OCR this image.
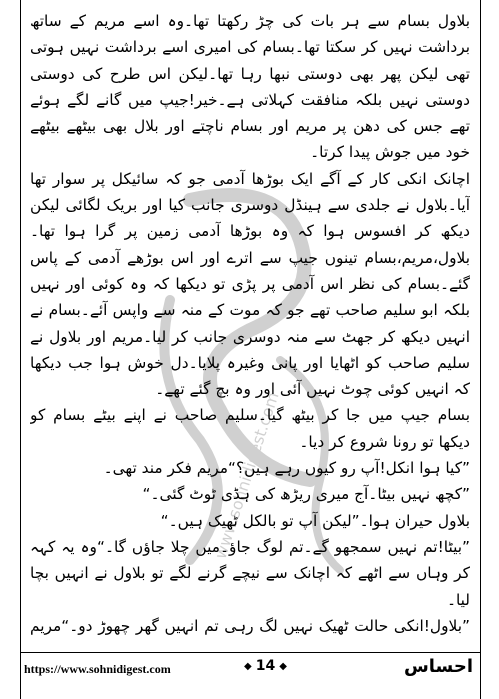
www.sohnidigest.com

بلاول بسام سے ہر بات کی چڑ رکھتا تھا۔وہ اسے مریم کے ساتھ برداشت نہیں کر سکتا تھا۔بسام کی امیری اسے برداشت نہیں ہوتی تھی لیکن پھر بھی دوستی نبھا رہا تھا۔لیکن اس طرح کی دوستی دوستی نہیں بلکہ منافقت کہلاتی ہے۔خیر!جیپ میں گانے لگے ہوئے تھے جس کی دھن پر مریم اور بسام ناچتے اور بلال بھی بیٹھے بیٹھے خود میں جوش پیدا کرتا۔

اچانک انکی کار کے آگے ایک بوڑھا آدمی جو کہ سائیکل پر سوار تھا آیا۔بلاول نے جلدی سے ہینڈل دوسری جانب کیا اور بریک لگائی لیکن دیکھ کر افسوس ہوا کہ وہ بوڑھا آدمی زمین پر گرا ہوا تھا۔بلاول،مریم،بسام تینوں جیپ سے اترے اور اس بوڑھے آدمی کے پاس گئے۔بسام کی نظر اس آدمی پر پڑی تو دیکھا کہ وہ کوئی اور نہیں بلکہ ابو سلیم صاحب تھے جو کہ موت کے منہ سے واپس آئے۔بسام نے انہیں دیکھ کر جھٹ سے منہ دوسری جانب کر لیا۔مریم اور بلاول نے سلیم صاحب کو اٹھایا اور پانی وغیرہ پلایا۔دل خوش ہوا جب دیکھا کہ انہیں کوئی چوٹ نہیں آئی اور وہ بچ گئے تھے۔

بسام جیپ میں جا کر بیٹھ گیا۔سلیم صاحب نے اپنے بیٹے بسام کو دیکھا تو رونا شروع کر دیا۔

”کیا ہوا انکل!آپ رو کیوں رہے ہیں؟“مریم فکر مند تھی۔

”کچھ نہیں بیٹا۔آج میری ریڑھ کی ہڈی ٹوٹ گئی۔“

بلاول حیران ہوا۔”لیکن آپ تو بالکل ٹھیک ہیں۔“

”بیٹا!تم نہیں سمجھو گے۔تم لوگ جاؤ۔میں چلا جاؤں گا۔“وہ یہ کہہ کر وہاں سے اٹھے کہ اچانک سے نیچے گرنے لگے تو بلاول نے انہیں بچا لیا۔

”بلاول!انکی حالت ٹھیک نہیں لگ رہی تم انہیں گھر چھوڑ دو۔“مریم

https://www.sohnidigest.com	◆ 14 ◆	احساس
